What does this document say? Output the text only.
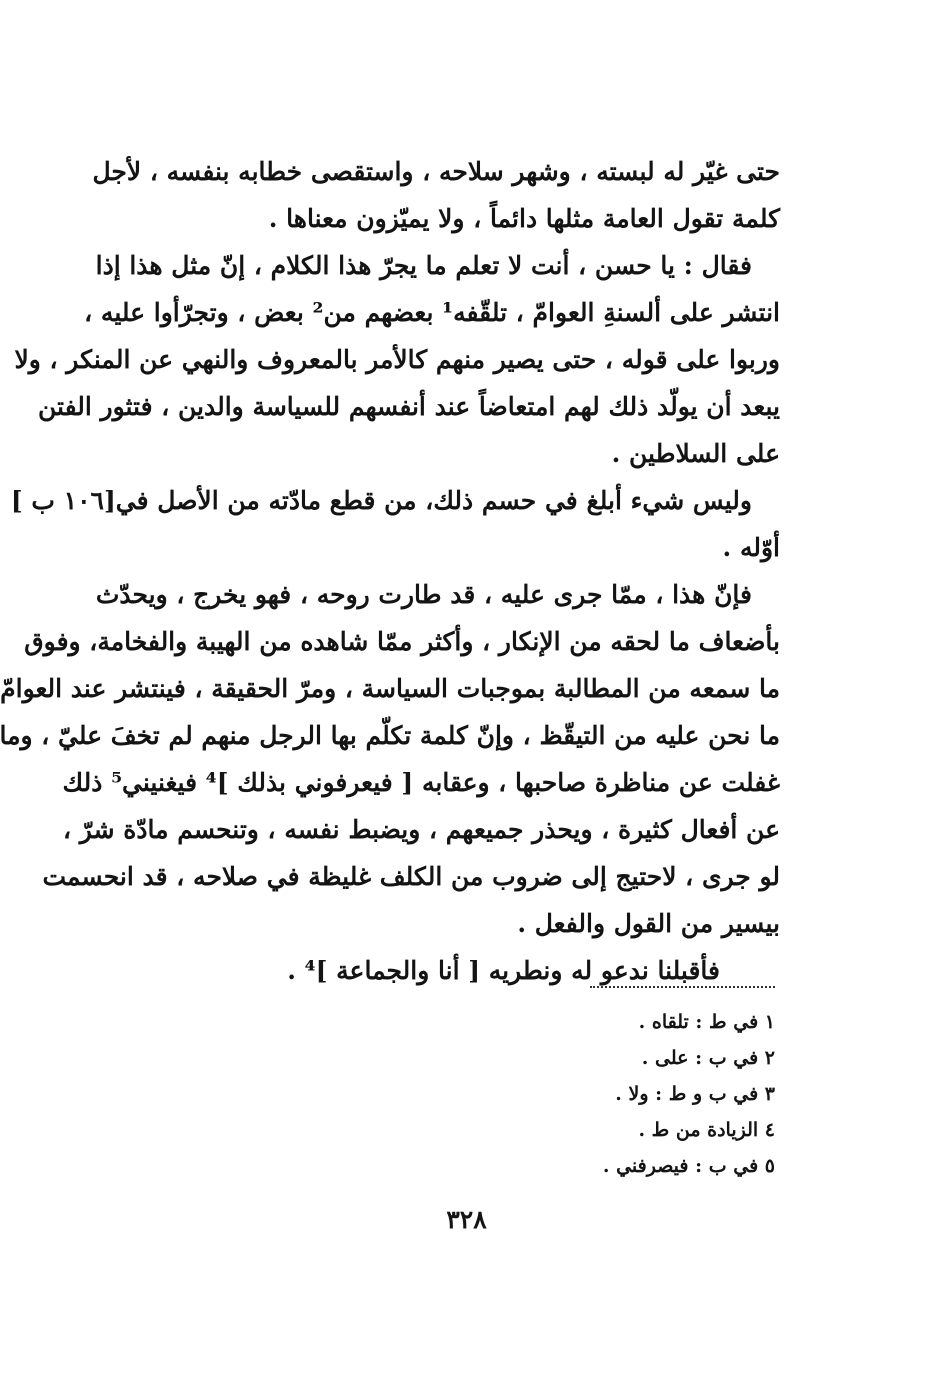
حتى غيّر له لبسته ، وشهر سلاحه ، واستقصى خطابه بنفسه ، لأجل
كلمة تقول العامة مثلها دائماً ، ولا يميّزون معناها .

فقال : يا حسن ، أنت لا تعلم ما يجرّ هذا الكلام ، إنّ مثل هذا إذا
انتشر على ألسنةِ العوامّ ، تلقّفه¹ بعضهم من² بعض ، وتجرّأوا عليه ،
وربوا على قوله ، حتى يصير منهم كالأمر بالمعروف والنهي عن المنكر ، ولا
يبعد أن يولّد ذلك لهم امتعاضاً عند أنفسهم للسياسة والدين ، فتثور الفتن
على السلاطين .

وليس شيء أبلغ في حسم ذلك، من قطع مادّته من الأصل في[١٠٦ ب ]
أوّله .

فإنّ هذا ، ممّا جرى عليه ، قد طارت روحه ، فهو يخرج ، ويحدّث
بأضعاف ما لحقه من الإنكار ، وأكثر ممّا شاهده من الهيبة والفخامة، وفوق
ما سمعه من المطالبة بموجبات السياسة ، ومرّ الحقيقة ، فينتشر عند العوامّ
ما نحن عليه من التيقّظ ، وإنّ كلمة تكلّم بها الرجل منهم لم تخفَ عليّ ، وما
غفلت عن مناظرة صاحبها ، وعقابه [ فيعرفوني بذلك ]⁴ فيغنيني⁵ ذلك
عن أفعال كثيرة ، ويحذر جميعهم ، ويضبط نفسه ، وتنحسم مادّة شرّ ،
لو جرى ، لاحتيج إلى ضروب من الكلف غليظة في صلاحه ، قد انحسمت
بيسير من القول والفعل .

فأقبلنا ندعو له ونطريه [ أنا والجماعة ]⁴ .

١ في ط : تلقاه .
٢ في ب : على .
٣ في ب و ط : ولا .
٤ الزيادة من ط .
٥ في ب : فيصرفني .
٣٢٨
